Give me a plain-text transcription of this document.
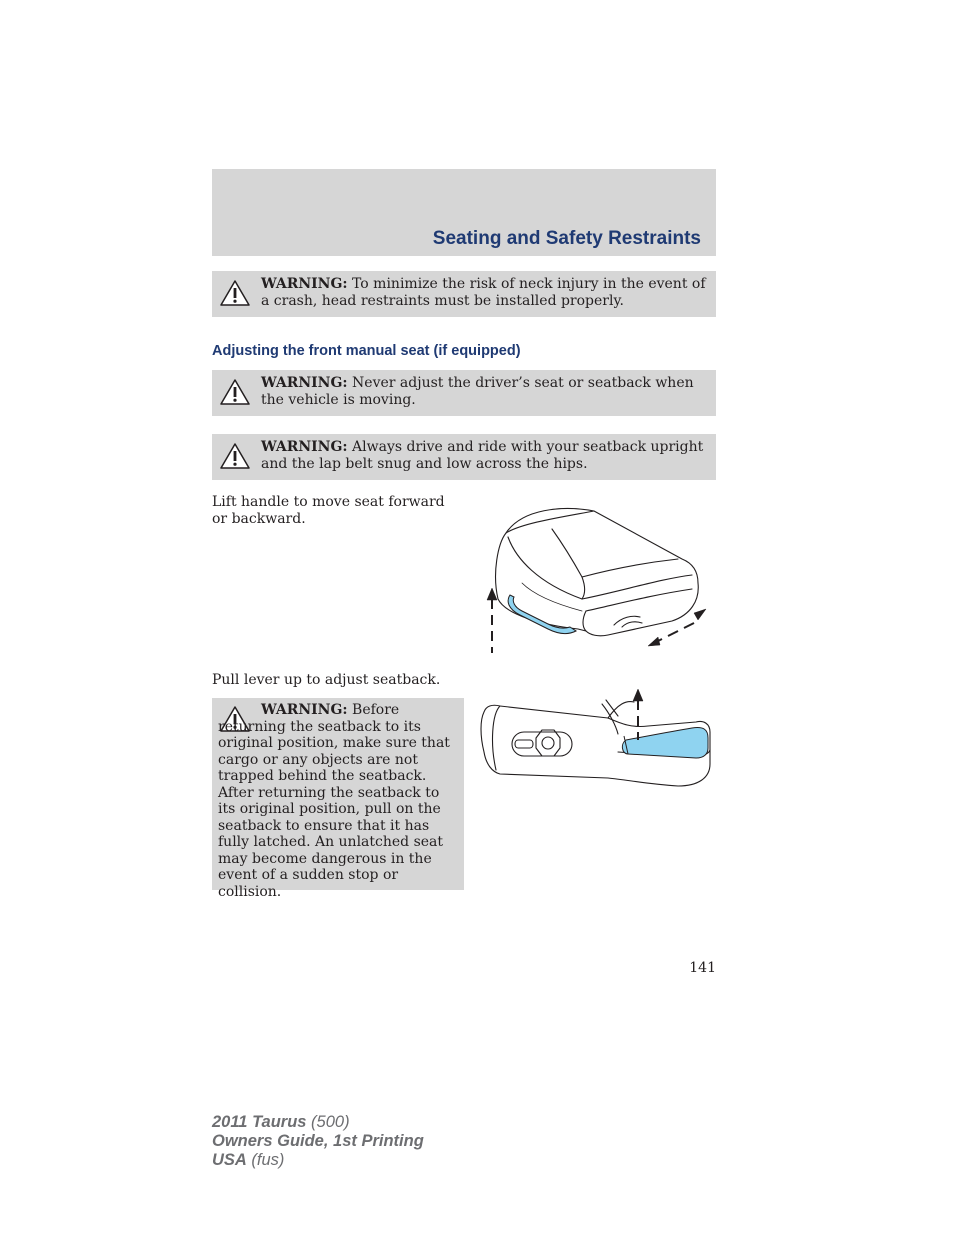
Seating and Safety Restraints
WARNING: To minimize the risk of neck injury in the event of a crash, head restraints must be installed properly.
Adjusting the front manual seat (if equipped)
WARNING: Never adjust the driver’s seat or seatback when the vehicle is moving.
WARNING: Always drive and ride with your seatback upright and the lap belt snug and low across the hips.
Lift handle to move seat forward or backward.
Pull lever up to adjust seatback.
WARNING: Before returning the seatback to its original position, make sure that cargo or any objects are not trapped behind the seatback. After returning the seatback to its original position, pull on the seatback to ensure that it has fully latched. An unlatched seat may become dangerous in the event of a sudden stop or collision.
141
2011 Taurus (500)
Owners Guide, 1st Printing
USA (fus)
